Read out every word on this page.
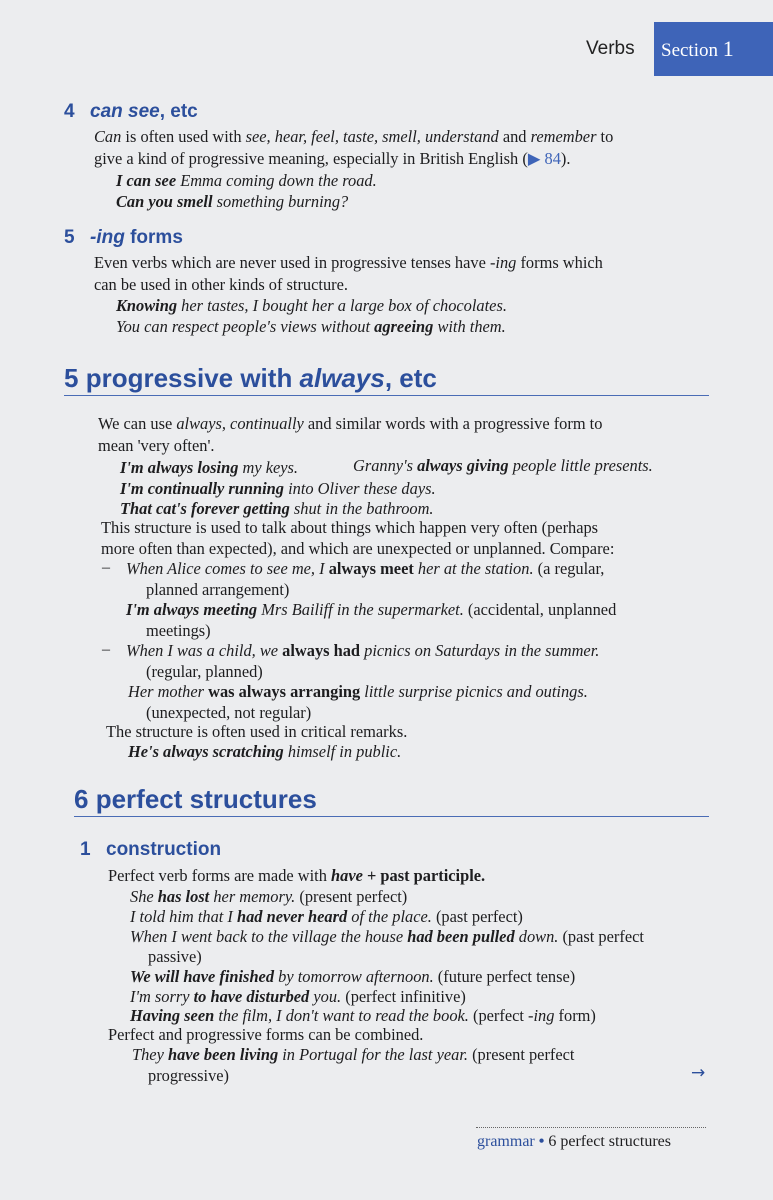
Verbs	Section 1
4 can see, etc
Can is often used with see, hear, feel, taste, smell, understand and remember to
give a kind of progressive meaning, especially in British English (▶ 84).
I can see Emma coming down the road.
Can you smell something burning?
5 -ing forms
Even verbs which are never used in progressive tenses have -ing forms which
can be used in other kinds of structure.
Knowing her tastes, I bought her a large box of chocolates.
You can respect people's views without agreeing with them.
5 progressive with always, etc
We can use always, continually and similar words with a progressive form to
mean 'very often'.
I'm always losing my keys.	Granny's always giving people little presents.
I'm continually running into Oliver these days.
That cat's forever getting shut in the bathroom.
This structure is used to talk about things which happen very often (perhaps
more often than expected), and which are unexpected or unplanned. Compare:
– When Alice comes to see me, I always meet her at the station. (a regular,
planned arrangement)
I'm always meeting Mrs Bailiff in the supermarket. (accidental, unplanned
meetings)
– When I was a child, we always had picnics on Saturdays in the summer.
(regular, planned)
Her mother was always arranging little surprise picnics and outings.
(unexpected, not regular)
The structure is often used in critical remarks.
He's always scratching himself in public.
6 perfect structures
1 construction
Perfect verb forms are made with have + past participle.
She has lost her memory. (present perfect)
I told him that I had never heard of the place. (past perfect)
When I went back to the village the house had been pulled down. (past perfect
passive)
We will have finished by tomorrow afternoon. (future perfect tense)
I'm sorry to have disturbed you. (perfect infinitive)
Having seen the film, I don't want to read the book. (perfect -ing form)
Perfect and progressive forms can be combined.
They have been living in Portugal for the last year. (present perfect
progressive)	→
grammar • 6 perfect structures
